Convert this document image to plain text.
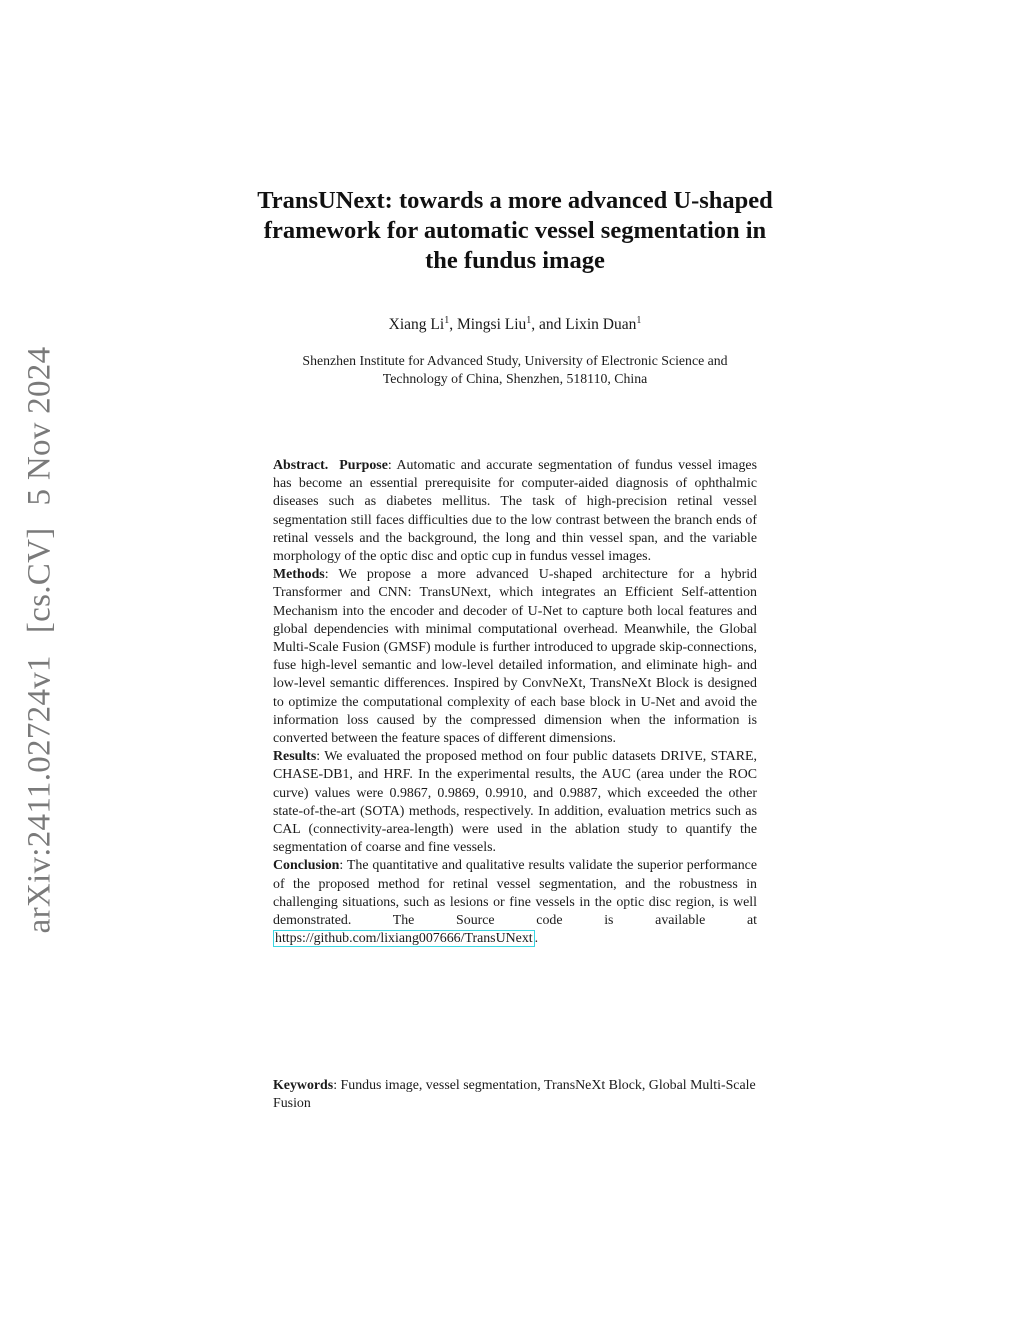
arXiv:2411.02724v1[cs.CV]5 Nov 2024
TransUNext: towards a more advanced U-shaped
framework for automatic vessel segmentation in
the fundus image
Xiang Li$^1$, Mingsi Liu$^1$, and Lixin Duan$^1$
Shenzhen Institute for Advanced Study, University of Electronic Science and
Technology of China, Shenzhen, 518110, China

Abstract. Purpose: Automatic and accurate segmentation of fundus vessel images has become an essential prerequisite for computer-aided diagnosis of ophthalmic diseases such as diabetes mellitus. The task of high-precision retinal vessel segmentation still faces difficulties due to the low contrast between the branch ends of retinal vessels and the background, the long and thin vessel span, and the variable morphology of the optic disc and optic cup in fundus vessel images.

Methods: We propose a more advanced U-shaped architecture for a hybrid Transformer and CNN: TransUNext, which integrates an Efficient Self-attention Mechanism into the encoder and decoder of U-Net to capture both local features and global dependencies with minimal computational overhead. Meanwhile, the Global Multi-Scale Fusion (GMSF) module is further introduced to upgrade skip-connections, fuse high-level semantic and low-level detailed information, and eliminate high- and low-level semantic differences. Inspired by ConvNeXt, TransNeXt Block is designed to optimize the computational complexity of each base block in U-Net and avoid the information loss caused by the compressed dimension when the information is converted between the feature spaces of different dimensions.

Results: We evaluated the proposed method on four public datasets DRIVE, STARE, CHASE-DB1, and HRF. In the experimental results, the AUC (area under the ROC curve) values were 0.9867, 0.9869, 0.9910, and 0.9887, which exceeded the other state-of-the-art (SOTA) methods, respectively. In addition, evaluation metrics such as CAL (connectivity-area-length) were used in the ablation study to quantify the segmentation of coarse and fine vessels.

Conclusion: The quantitative and qualitative results validate the superior performance of the proposed method for retinal vessel segmentation, and the robustness in challenging situations, such as lesions or fine vessels in the optic disc region, is well demonstrated. The Source code is available at https://github.com/lixiang007666/TransUNext .

Keywords: Fundus image, vessel segmentation, TransNeXt Block, Global Multi-Scale Fusion
